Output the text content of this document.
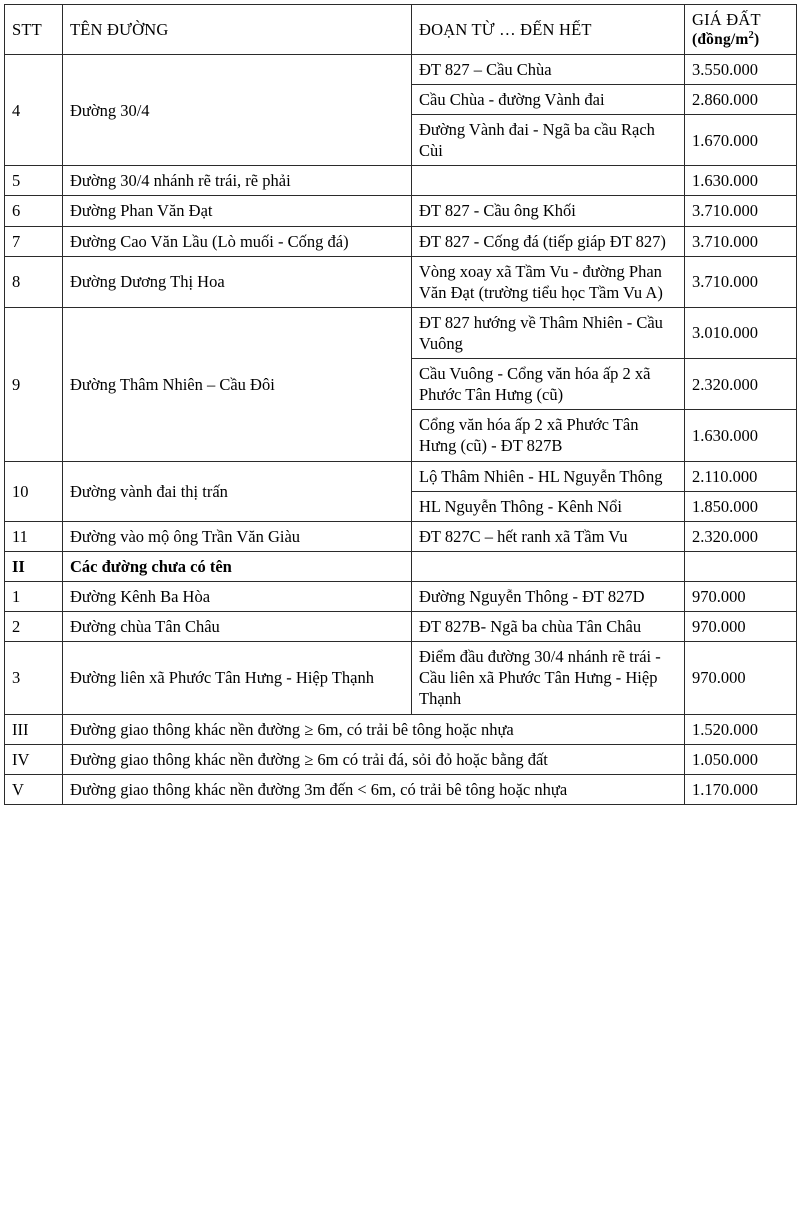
STT	TÊN ĐƯỜNG	ĐOẠN TỪ … ĐẾN HẾT	GIÁ ĐẤT
$(đồng/m^2)$

4	Đường 30/4	ĐT 827 – Cầu Chùa	3.550.000
		Cầu Chùa - đường Vành đai	2.860.000
		Đường Vành đai - Ngã ba cầu Rạch Cùi	1.670.000
5	Đường 30/4 nhánh rẽ trái, rẽ phải		1.630.000
6	Đường Phan Văn Đạt	ĐT 827 - Cầu ông Khối	3.710.000
7	Đường Cao Văn Lầu (Lò muối - Cống đá)	ĐT 827 - Cống đá (tiếp giáp ĐT 827)	3.710.000
8	Đường Dương Thị Hoa	Vòng xoay xã Tầm Vu - đường Phan Văn Đạt (trường tiểu học Tầm Vu A)	3.710.000
9	Đường Thâm Nhiên – Cầu Đôi	ĐT 827 hướng về Thâm Nhiên - Cầu Vuông	3.010.000
		Cầu Vuông - Cổng văn hóa ấp 2 xã Phước Tân Hưng (cũ)	2.320.000
		Cổng văn hóa ấp 2 xã Phước Tân Hưng (cũ) - ĐT 827B	1.630.000
10	Đường vành đai thị trấn	Lộ Thâm Nhiên - HL Nguyễn Thông	2.110.000
		HL Nguyễn Thông - Kênh Nổi	1.850.000
11	Đường vào mộ ông Trần Văn Giàu	ĐT 827C – hết ranh xã Tầm Vu	2.320.000
II	Các đường chưa có tên		
1	Đường Kênh Ba Hòa	Đường Nguyễn Thông - ĐT 827D	970.000
2	Đường chùa Tân Châu	ĐT 827B- Ngã ba chùa Tân Châu	970.000
3	Đường liên xã Phước Tân Hưng - Hiệp Thạnh	Điểm đầu đường 30/4 nhánh rẽ trái - Cầu liên xã Phước Tân Hưng - Hiệp Thạnh	970.000
III	Đường giao thông khác nền đường ≥ 6m, có trải bê tông hoặc nhựa		1.520.000
IV	Đường giao thông khác nền đường ≥ 6m có trải đá, sỏi đỏ hoặc bằng đất		1.050.000
V	Đường giao thông khác nền đường 3m đến < 6m, có trải bê tông hoặc nhựa		1.170.000
